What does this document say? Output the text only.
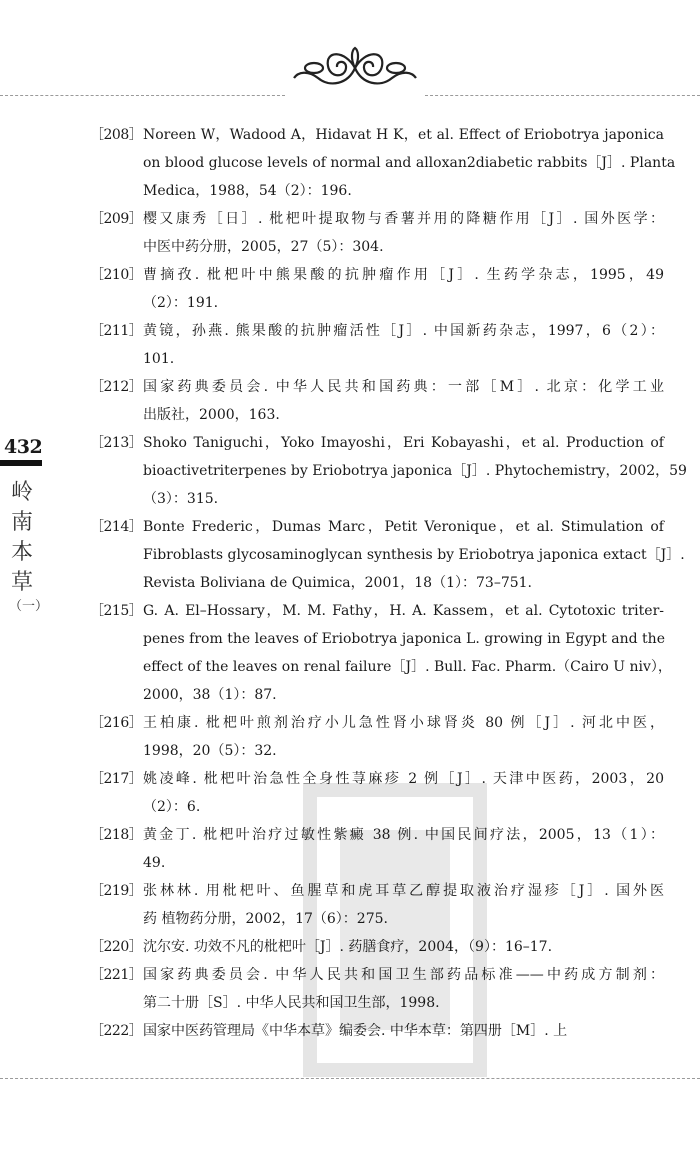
432
岭
南
本
草
（一）
［208］ Noreen W，Wadood A，Hidavat H K，et al. Effect of Eriobotrya japonica
on blood glucose levels of normal and alloxan2diabetic rabbits［J］. Planta
Medica，1988，54（2）：196.
［209］ 樱又康秀［日］. 枇杷叶提取物与香薯并用的降糖作用［J］. 国外医学：
中医中药分册，2005，27（5）：304.
［210］ 曹摘孜. 枇杷叶中熊果酸的抗肿瘤作用［J］. 生药学杂志，1995，49
（2）：191.
［211］ 黄镜，孙燕. 熊果酸的抗肿瘤活性［J］. 中国新药杂志，1997，6（2）：
101.
［212］ 国家药典委员会. 中华人民共和国药典：一部［M］. 北京：化学工业
出版社，2000，163.
［213］ Shoko Taniguchi，Yoko Imayoshi，Eri Kobayashi，et al. Production of
bioactivetriterpenes by Eriobotrya japonica［J］. Phytochemistry，2002，59
（3）：315.
［214］ Bonte Frederic，Dumas Marc，Petit Veronique，et al. Stimulation of
Fibroblasts glycosaminoglycan synthesis by Eriobotrya japonica extact［J］.
Revista Boliviana de Quimica，2001，18（1）：73–751.
［215］ G. A. El–Hossary，M. M. Fathy，H. A. Kassem，et al. Cytotoxic triter-
penes from the leaves of Eriobotrya japonica L. growing in Egypt and the
effect of the leaves on renal failure［J］. Bull. Fac. Pharm.（Cairo U niv），
2000，38（1）：87.
［216］ 王柏康. 枇杷叶煎剂治疗小儿急性肾小球肾炎 80 例［J］. 河北中医，
1998，20（5）：32.
［217］ 姚凌峰. 枇杷叶治急性全身性荨麻疹 2 例［J］. 天津中医药，2003，20
（2）：6.
［218］ 黄金丁. 枇杷叶治疗过敏性紫癜 38 例. 中国民间疗法，2005，13（1）：
49.
［219］ 张林林. 用枇杷叶、鱼腥草和虎耳草乙醇提取液治疗湿疹［J］. 国外医
药 植物药分册，2002，17（6）：275.
［220］ 沈尔安. 功效不凡的枇杷叶［J］. 药膳食疗，2004，（9）：16–17.
［221］ 国家药典委员会. 中华人民共和国卫生部药品标准——中药成方制剂：
第二十册［S］. 中华人民共和国卫生部，1998.
［222］ 国家中医药管理局《中华本草》编委会. 中华本草：第四册［M］. 上
